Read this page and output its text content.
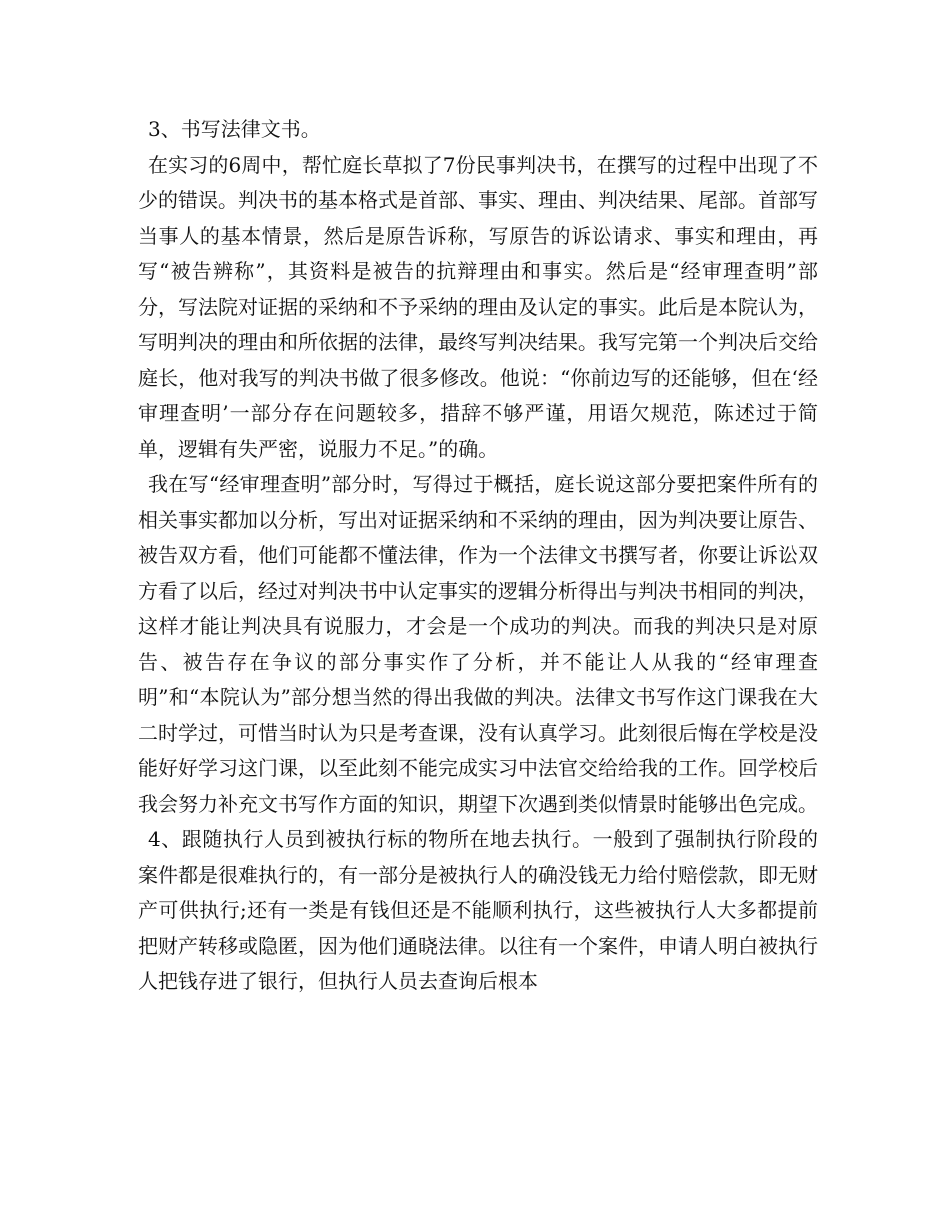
3、书写法律文书。

在实习的6周中，帮忙庭长草拟了7份民事判决书，在撰写的过程中出现了不少的错误。判决书的基本格式是首部、事实、理由、判决结果、尾部。首部写当事人的基本情景，然后是原告诉称，写原告的诉讼请求、事实和理由，再写“被告辨称”，其资料是被告的抗辩理由和事实。然后是“经审理查明”部分，写法院对证据的采纳和不予采纳的理由及认定的事实。此后是本院认为，写明判决的理由和所依据的法律，最终写判决结果。我写完第一个判决后交给庭长，他对我写的判决书做了很多修改。他说：“你前边写的还能够，但在‘经审理查明’一部分存在问题较多，措辞不够严谨，用语欠规范，陈述过于简单，逻辑有失严密，说服力不足。”的确。

我在写“经审理查明”部分时，写得过于概括，庭长说这部分要把案件所有的相关事实都加以分析，写出对证据采纳和不采纳的理由，因为判决要让原告、被告双方看，他们可能都不懂法律，作为一个法律文书撰写者，你要让诉讼双方看了以后，经过对判决书中认定事实的逻辑分析得出与判决书相同的判决，这样才能让判决具有说服力，才会是一个成功的判决。而我的判决只是对原告、被告存在争议的部分事实作了分析，并不能让人从我的“经审理查明”和“本院认为”部分想当然的得出我做的判决。法律文书写作这门课我在大二时学过，可惜当时认为只是考查课，没有认真学习。此刻很后悔在学校是没能好好学习这门课，以至此刻不能完成实习中法官交给给我的工作。回学校后我会努力补充文书写作方面的知识，期望下次遇到类似情景时能够出色完成。

4、跟随执行人员到被执行标的物所在地去执行。一般到了强制执行阶段的案件都是很难执行的，有一部分是被执行人的确没钱无力给付赔偿款，即无财产可供执行;还有一类是有钱但还是不能顺利执行，这些被执行人大多都提前把财产转移或隐匿，因为他们通晓法律。以往有一个案件，申请人明白被执行人把钱存进了银行，但执行人员去查询后根本
